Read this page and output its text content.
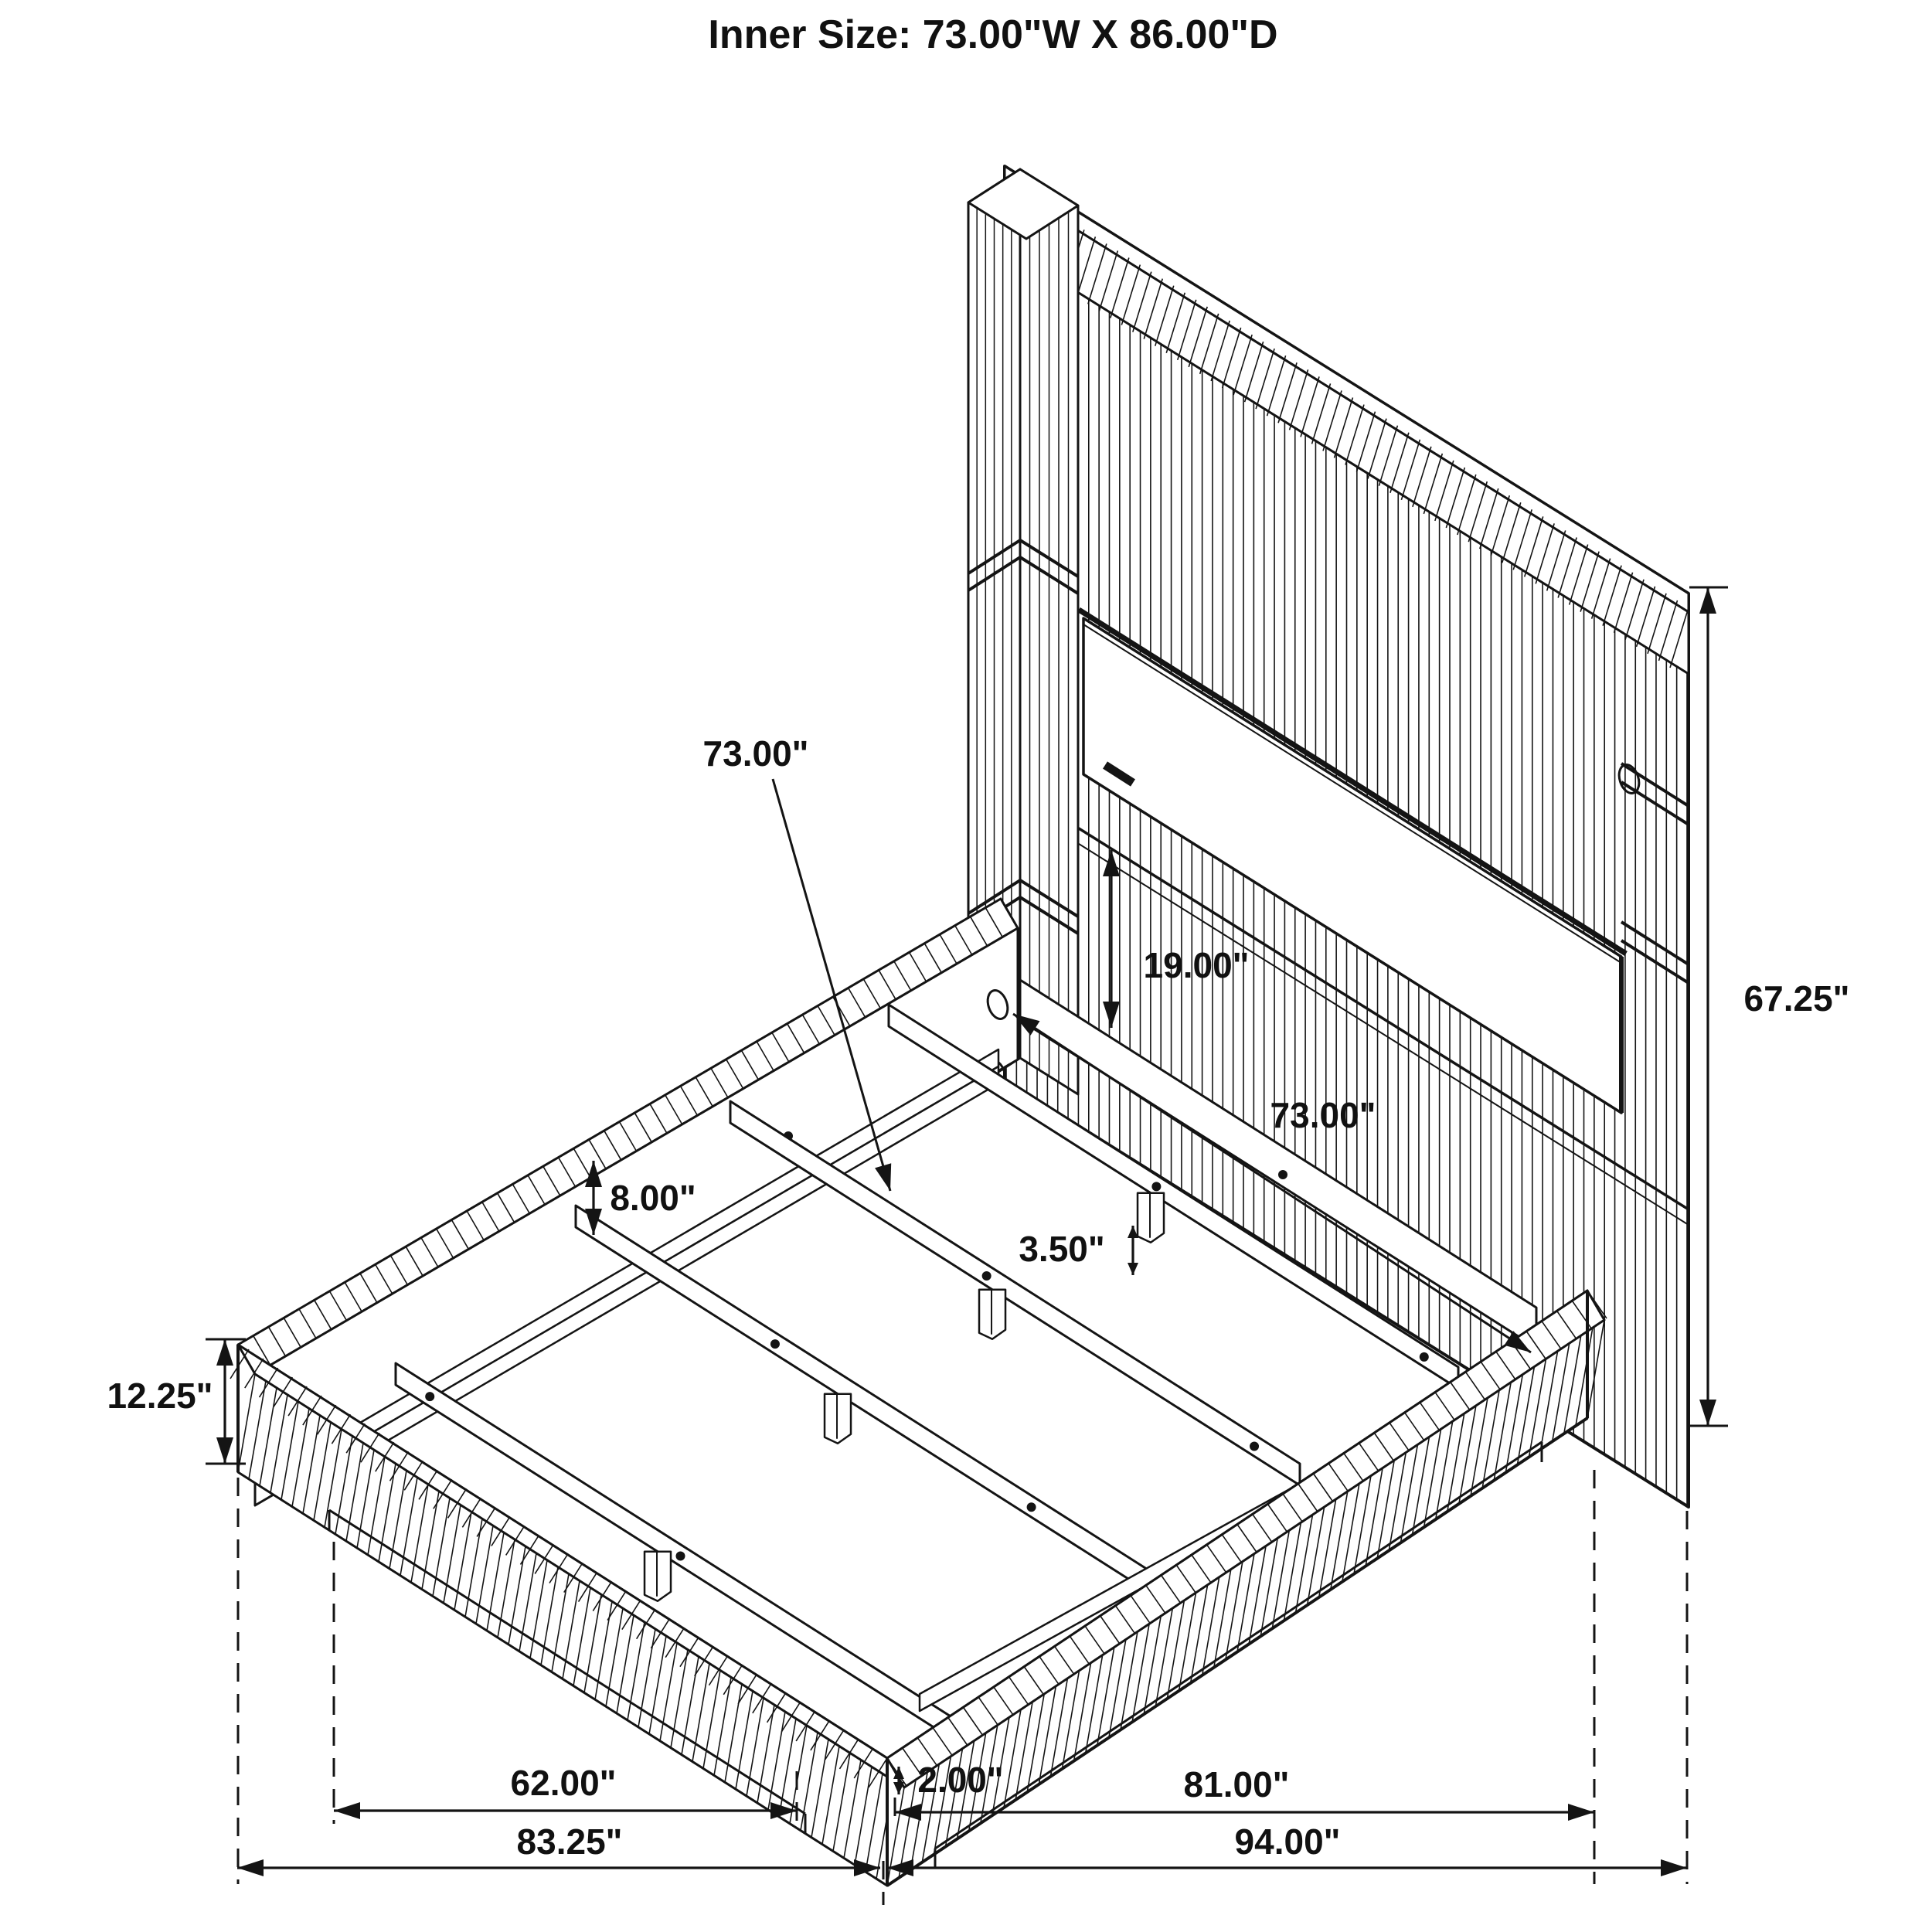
Inner Size: 73.00"W X 86.00"D
73.00"
73.00"
19.00"
3.50"
8.00"
67.25"
12.25"
2.00"
62.00"	81.00"
83.25"	94.00"
